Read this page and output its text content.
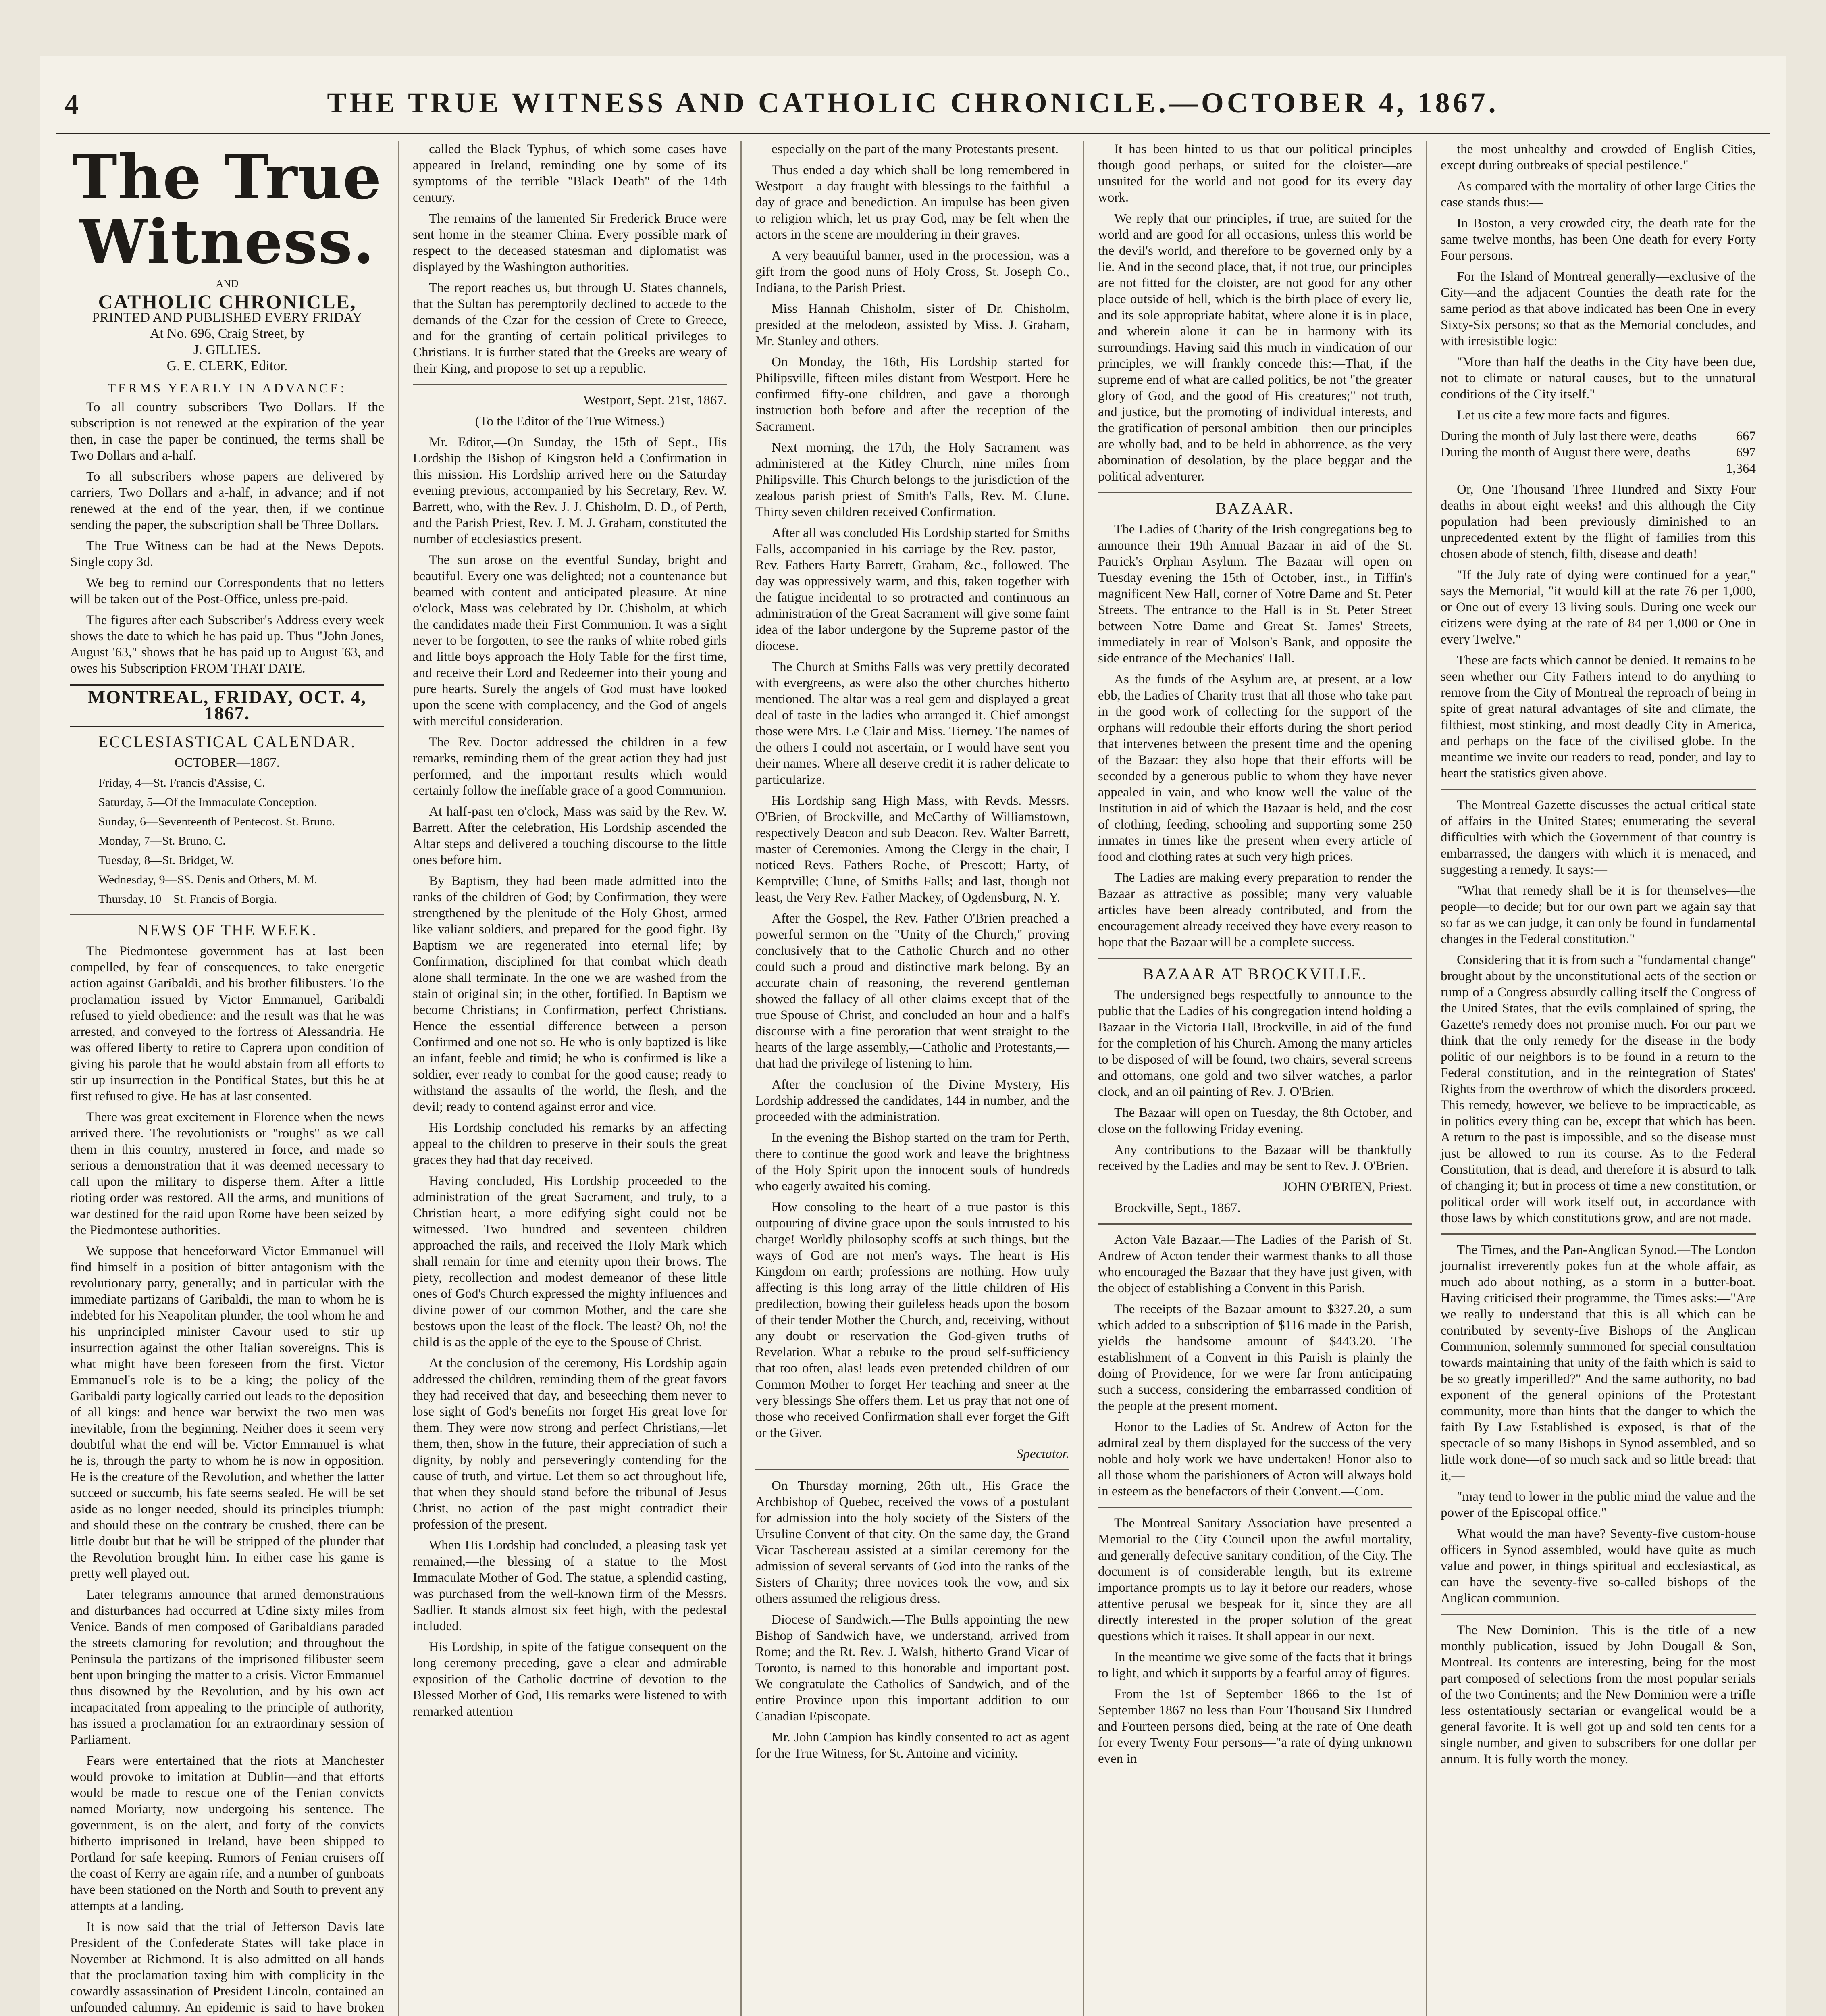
4	THE TRUE WITNESS AND CATHOLIC CHRONICLE.—OCTOBER 4, 1867.
The True Witness.
AND
CATHOLIC CHRONICLE,
PRINTED AND PUBLISHED EVERY FRIDAY
At No. 696, Craig Street, by
J. GILLIES.
G. E. CLERK, Editor.
TERMS YEARLY IN ADVANCE:

To all country subscribers Two Dollars. If the subscription is not renewed at the expiration of the year then, in case the paper be continued, the terms shall be Two Dollars and a-half.

To all subscribers whose papers are delivered by carriers, Two Dollars and a-half, in advance; and if not renewed at the end of the year, then, if we continue sending the paper, the subscription shall be Three Dollars.

The True Witness can be had at the News Depots. Single copy 3d.

We beg to remind our Correspondents that no letters will be taken out of the Post-Office, unless pre-paid.

The figures after each Subscriber's Address every week shows the date to which he has paid up. Thus "John Jones, August '63," shows that he has paid up to August '63, and owes his Subscription FROM THAT DATE.

MONTREAL, FRIDAY, OCT. 4, 1867.
ECCLESIASTICAL CALENDAR.

OCTOBER—1867.

Friday, 4—St. Francis d'Assise, C.

Saturday, 5—Of the Immaculate Conception.

Sunday, 6—Seventeenth of Pentecost. St. Bruno.

Monday, 7—St. Bruno, C.

Tuesday, 8—St. Bridget, W.

Wednesday, 9—SS. Denis and Others, M. M.

Thursday, 10—St. Francis of Borgia.

NEWS OF THE WEEK.

The Piedmontese government has at last been compelled, by fear of consequences, to take energetic action against Garibaldi, and his brother filibusters. To the proclamation issued by Victor Emmanuel, Garibaldi refused to yield obedience: and the result was that he was arrested, and conveyed to the fortress of Alessandria. He was offered liberty to retire to Caprera upon condition of giving his parole that he would abstain from all efforts to stir up insurrection in the Pontifical States, but this he at first refused to give. He has at last consented.

There was great excitement in Florence when the news arrived there. The revolutionists or "roughs" as we call them in this country, mustered in force, and made so serious a demonstration that it was deemed necessary to call upon the military to disperse them. After a little rioting order was restored. All the arms, and munitions of war destined for the raid upon Rome have been seized by the Piedmontese authorities.

We suppose that henceforward Victor Emmanuel will find himself in a position of bitter antagonism with the revolutionary party, generally; and in particular with the immediate partizans of Garibaldi, the man to whom he is indebted for his Neapolitan plunder, the tool whom he and his unprincipled minister Cavour used to stir up insurrection against the other Italian sovereigns. This is what might have been foreseen from the first. Victor Emmanuel's role is to be a king; the policy of the Garibaldi party logically carried out leads to the deposition of all kings: and hence war betwixt the two men was inevitable, from the beginning. Neither does it seem very doubtful what the end will be. Victor Emmanuel is what he is, through the party to whom he is now in opposition. He is the creature of the Revolution, and whether the latter succeed or succumb, his fate seems sealed. He will be set aside as no longer needed, should its principles triumph: and should these on the contrary be crushed, there can be little doubt but that he will be stripped of the plunder that the Revolution brought him. In either case his game is pretty well played out.

Later telegrams announce that armed demonstrations and disturbances had occurred at Udine sixty miles from Venice. Bands of men composed of Garibaldians paraded the streets clamoring for revolution; and throughout the Peninsula the partizans of the imprisoned filibuster seem bent upon bringing the matter to a crisis. Victor Emmanuel thus disowned by the Revolution, and by his own act incapacitated from appealing to the principle of authority, has issued a proclamation for an extraordinary session of Parliament.

Fears were entertained that the riots at Manchester would provoke to imitation at Dublin—and that efforts would be made to rescue one of the Fenian convicts named Moriarty, now undergoing his sentence. The government, is on the alert, and forty of the convicts hitherto imprisoned in Ireland, have been shipped to Portland for safe keeping. Rumors of Fenian cruisers off the coast of Kerry are again rife, and a number of gunboats have been stationed on the North and South to prevent any attempts at a landing.

It is now said that the trial of Jefferson Davis late President of the Confederate States will take place in November at Richmond. It is also admitted on all hands that the proclamation taxing him with complicity in the cowardly assassination of President Lincoln, contained an unfounded calumny. An epidemic is said to have broken

called the Black Typhus, of which some cases have appeared in Ireland, reminding one by some of its symptoms of the terrible "Black Death" of the 14th century.

The remains of the lamented Sir Frederick Bruce were sent home in the steamer China. Every possible mark of respect to the deceased statesman and diplomatist was displayed by the Washington authorities.

The report reaches us, but through U. States channels, that the Sultan has peremptorily declined to accede to the demands of the Czar for the cession of Crete to Greece, and for the granting of certain political privileges to Christians. It is further stated that the Greeks are weary of their King, and propose to set up a republic.

Westport, Sept. 21st, 1867.

(To the Editor of the True Witness.)

Mr. Editor,—On Sunday, the 15th of Sept., His Lordship the Bishop of Kingston held a Confirmation in this mission. His Lordship arrived here on the Saturday evening previous, accompanied by his Secretary, Rev. W. Barrett, who, with the Rev. J. J. Chisholm, D. D., of Perth, and the Parish Priest, Rev. J. M. J. Graham, constituted the number of ecclesiastics present.

The sun arose on the eventful Sunday, bright and beautiful. Every one was delighted; not a countenance but beamed with content and anticipated pleasure. At nine o'clock, Mass was celebrated by Dr. Chisholm, at which the candidates made their First Communion. It was a sight never to be forgotten, to see the ranks of white robed girls and little boys approach the Holy Table for the first time, and receive their Lord and Redeemer into their young and pure hearts. Surely the angels of God must have looked upon the scene with complacency, and the God of angels with merciful consideration.

The Rev. Doctor addressed the children in a few remarks, reminding them of the great action they had just performed, and the important results which would certainly follow the ineffable grace of a good Communion.

At half-past ten o'clock, Mass was said by the Rev. W. Barrett. After the celebration, His Lordship ascended the Altar steps and delivered a touching discourse to the little ones before him.

By Baptism, they had been made admitted into the ranks of the children of God; by Confirmation, they were strengthened by the plenitude of the Holy Ghost, armed like valiant soldiers, and prepared for the good fight. By Baptism we are regenerated into eternal life; by Confirmation, disciplined for that combat which death alone shall terminate. In the one we are washed from the stain of original sin; in the other, fortified. In Baptism we become Christians; in Confirmation, perfect Christians. Hence the essential difference between a person Confirmed and one not so. He who is only baptized is like an infant, feeble and timid; he who is confirmed is like a soldier, ever ready to combat for the good cause; ready to withstand the assaults of the world, the flesh, and the devil; ready to contend against error and vice.

His Lordship concluded his remarks by an affecting appeal to the children to preserve in their souls the great graces they had that day received.

Having concluded, His Lordship proceeded to the administration of the great Sacrament, and truly, to a Christian heart, a more edifying sight could not be witnessed. Two hundred and seventeen children approached the rails, and received the Holy Mark which shall remain for time and eternity upon their brows. The piety, recollection and modest demeanor of these little ones of God's Church expressed the mighty influences and divine power of our common Mother, and the care she bestows upon the least of the flock. The least? Oh, no! the child is as the apple of the eye to the Spouse of Christ.

At the conclusion of the ceremony, His Lordship again addressed the children, reminding them of the great favors they had received that day, and beseeching them never to lose sight of God's benefits nor forget His great love for them. They were now strong and perfect Christians,—let them, then, show in the future, their appreciation of such a dignity, by nobly and perseveringly contending for the cause of truth, and virtue. Let them so act throughout life, that when they should stand before the tribunal of Jesus Christ, no action of the past might contradict their profession of the present.

When His Lordship had concluded, a pleasing task yet remained,—the blessing of a statue to the Most Immaculate Mother of God. The statue, a splendid casting, was purchased from the well-known firm of the Messrs. Sadlier. It stands almost six feet high, with the pedestal included.

His Lordship, in spite of the fatigue consequent on the long ceremony preceding, gave a clear and admirable exposition of the Catholic doctrine of devotion to the Blessed Mother of God, His remarks were listened to with remarked attention

especially on the part of the many Protestants present.

Thus ended a day which shall be long remembered in Westport—a day fraught with blessings to the faithful—a day of grace and benediction. An impulse has been given to religion which, let us pray God, may be felt when the actors in the scene are mouldering in their graves.

A very beautiful banner, used in the procession, was a gift from the good nuns of Holy Cross, St. Joseph Co., Indiana, to the Parish Priest.

Miss Hannah Chisholm, sister of Dr. Chisholm, presided at the melodeon, assisted by Miss. J. Graham, Mr. Stanley and others.

On Monday, the 16th, His Lordship started for Philipsville, fifteen miles distant from Westport. Here he confirmed fifty-one children, and gave a thorough instruction both before and after the reception of the Sacrament.

Next morning, the 17th, the Holy Sacrament was administered at the Kitley Church, nine miles from Philipsville. This Church belongs to the jurisdiction of the zealous parish priest of Smith's Falls, Rev. M. Clune. Thirty seven children received Confirmation.

After all was concluded His Lordship started for Smiths Falls, accompanied in his carriage by the Rev. pastor,—Rev. Fathers Harty Barrett, Graham, &c., followed. The day was oppressively warm, and this, taken together with the fatigue incidental to so protracted and continuous an administration of the Great Sacrament will give some faint idea of the labor undergone by the Supreme pastor of the diocese.

The Church at Smiths Falls was very prettily decorated with evergreens, as were also the other churches hitherto mentioned. The altar was a real gem and displayed a great deal of taste in the ladies who arranged it. Chief amongst those were Mrs. Le Clair and Miss. Tierney. The names of the others I could not ascertain, or I would have sent you their names. Where all deserve credit it is rather delicate to particularize.

His Lordship sang High Mass, with Revds. Messrs. O'Brien, of Brockville, and McCarthy of Williamstown, respectively Deacon and sub Deacon. Rev. Walter Barrett, master of Ceremonies. Among the Clergy in the chair, I noticed Revs. Fathers Roche, of Prescott; Harty, of Kemptville; Clune, of Smiths Falls; and last, though not least, the Very Rev. Father Mackey, of Ogdensburg, N. Y.

After the Gospel, the Rev. Father O'Brien preached a powerful sermon on the "Unity of the Church," proving conclusively that to the Catholic Church and no other could such a proud and distinctive mark belong. By an accurate chain of reasoning, the reverend gentleman showed the fallacy of all other claims except that of the true Spouse of Christ, and concluded an hour and a half's discourse with a fine peroration that went straight to the hearts of the large assembly,—Catholic and Protestants,—that had the privilege of listening to him.

After the conclusion of the Divine Mystery, His Lordship addressed the candidates, 144 in number, and the proceeded with the administration.

In the evening the Bishop started on the tram for Perth, there to continue the good work and leave the brightness of the Holy Spirit upon the innocent souls of hundreds who eagerly awaited his coming.

How consoling to the heart of a true pastor is this outpouring of divine grace upon the souls intrusted to his charge! Worldly philosophy scoffs at such things, but the ways of God are not men's ways. The heart is His Kingdom on earth; professions are nothing. How truly affecting is this long array of the little children of His predilection, bowing their guileless heads upon the bosom of their tender Mother the Church, and, receiving, without any doubt or reservation the God-given truths of Revelation. What a rebuke to the proud self-sufficiency that too often, alas! leads even pretended children of our Common Mother to forget Her teaching and sneer at the very blessings She offers them. Let us pray that not one of those who received Confirmation shall ever forget the Gift or the Giver.

Spectator.

On Thursday morning, 26th ult., His Grace the Archbishop of Quebec, received the vows of a postulant for admission into the holy society of the Sisters of the Ursuline Convent of that city. On the same day, the Grand Vicar Taschereau assisted at a similar ceremony for the admission of several servants of God into the ranks of the Sisters of Charity; three novices took the vow, and six others assumed the religious dress.

Diocese of Sandwich.—The Bulls appointing the new Bishop of Sandwich have, we understand, arrived from Rome; and the Rt. Rev. J. Walsh, hitherto Grand Vicar of Toronto, is named to this honorable and important post. We congratulate the Catholics of Sandwich, and of the entire Province upon this important addition to our Canadian Episcopate.

Mr. John Campion has kindly consented to act as agent for the True Witness, for St. Antoine and vicinity.

It has been hinted to us that our political principles though good perhaps, or suited for the cloister—are unsuited for the world and not good for its every day work.

We reply that our principles, if true, are suited for the world and are good for all occasions, unless this world be the devil's world, and therefore to be governed only by a lie. And in the second place, that, if not true, our principles are not fitted for the cloister, are not good for any other place outside of hell, which is the birth place of every lie, and its sole appropriate habitat, where alone it is in place, and wherein alone it can be in harmony with its surroundings. Having said this much in vindication of our principles, we will frankly concede this:—That, if the supreme end of what are called politics, be not "the greater glory of God, and the good of His creatures;" not truth, and justice, but the promoting of individual interests, and the gratification of personal ambition—then our principles are wholly bad, and to be held in abhorrence, as the very abomination of desolation, by the place beggar and the political adventurer.

BAZAAR.

The Ladies of Charity of the Irish congregations beg to announce their 19th Annual Bazaar in aid of the St. Patrick's Orphan Asylum. The Bazaar will open on Tuesday evening the 15th of October, inst., in Tiffin's magnificent New Hall, corner of Notre Dame and St. Peter Streets. The entrance to the Hall is in St. Peter Street between Notre Dame and Great St. James' Streets, immediately in rear of Molson's Bank, and opposite the side entrance of the Mechanics' Hall.

As the funds of the Asylum are, at present, at a low ebb, the Ladies of Charity trust that all those who take part in the good work of collecting for the support of the orphans will redouble their efforts during the short period that intervenes between the present time and the opening of the Bazaar: they also hope that their efforts will be seconded by a generous public to whom they have never appealed in vain, and who know well the value of the Institution in aid of which the Bazaar is held, and the cost of clothing, feeding, schooling and supporting some 250 inmates in times like the present when every article of food and clothing rates at such very high prices.

The Ladies are making every preparation to render the Bazaar as attractive as possible; many very valuable articles have been already contributed, and from the encouragement already received they have every reason to hope that the Bazaar will be a complete success.

BAZAAR AT BROCKVILLE.

The undersigned begs respectfully to announce to the public that the Ladies of his congregation intend holding a Bazaar in the Victoria Hall, Brockville, in aid of the fund for the completion of his Church. Among the many articles to be disposed of will be found, two chairs, several screens and ottomans, one gold and two silver watches, a parlor clock, and an oil painting of Rev. J. O'Brien.

The Bazaar will open on Tuesday, the 8th October, and close on the following Friday evening.

Any contributions to the Bazaar will be thankfully received by the Ladies and may be sent to Rev. J. O'Brien.

JOHN O'BRIEN, Priest.

Brockville, Sept., 1867.

Acton Vale Bazaar.—The Ladies of the Parish of St. Andrew of Acton tender their warmest thanks to all those who encouraged the Bazaar that they have just given, with the object of establishing a Convent in this Parish.

The receipts of the Bazaar amount to $327.20, a sum which added to a subscription of $116 made in the Parish, yields the handsome amount of $443.20. The establishment of a Convent in this Parish is plainly the doing of Providence, for we were far from anticipating such a success, considering the embarrassed condition of the people at the present moment.

Honor to the Ladies of St. Andrew of Acton for the admiral zeal by them displayed for the success of the very noble and holy work we have undertaken! Honor also to all those whom the parishioners of Acton will always hold in esteem as the benefactors of their Convent.—Com.

The Montreal Sanitary Association have presented a Memorial to the City Council upon the awful mortality, and generally defective sanitary condition, of the City. The document is of considerable length, but its extreme importance prompts us to lay it before our readers, whose attentive perusal we bespeak for it, since they are all directly interested in the proper solution of the great questions which it raises. It shall appear in our next.

In the meantime we give some of the facts that it brings to light, and which it supports by a fearful array of figures.

From the 1st of September 1866 to the 1st of September 1867 no less than Four Thousand Six Hundred and Fourteen persons died, being at the rate of One death for every Twenty Four persons—"a rate of dying unknown even in

the most unhealthy and crowded of English Cities, except during outbreaks of special pestilence."

As compared with the mortality of other large Cities the case stands thus:—

In Boston, a very crowded city, the death rate for the same twelve months, has been One death for every Forty Four persons.

For the Island of Montreal generally—exclusive of the City—and the adjacent Counties the death rate for the same period as that above indicated has been One in every Sixty-Six persons; so that as the Memorial concludes, and with irresistible logic:—

"More than half the deaths in the City have been due, not to climate or natural causes, but to the unnatural conditions of the City itself."

Let us cite a few more facts and figures.

During the month of July last there were, deaths	667
During the month of August there were, deaths	697

1,364

Or, One Thousand Three Hundred and Sixty Four deaths in about eight weeks! and this although the City population had been previously diminished to an unprecedented extent by the flight of families from this chosen abode of stench, filth, disease and death!

"If the July rate of dying were continued for a year," says the Memorial, "it would kill at the rate 76 per 1,000, or One out of every 13 living souls. During one week our citizens were dying at the rate of 84 per 1,000 or One in every Twelve."

These are facts which cannot be denied. It remains to be seen whether our City Fathers intend to do anything to remove from the City of Montreal the reproach of being in spite of great natural advantages of site and climate, the filthiest, most stinking, and most deadly City in America, and perhaps on the face of the civilised globe. In the meantime we invite our readers to read, ponder, and lay to heart the statistics given above.

The Montreal Gazette discusses the actual critical state of affairs in the United States; enumerating the several difficulties with which the Government of that country is embarrassed, the dangers with which it is menaced, and suggesting a remedy. It says:—

"What that remedy shall be it is for themselves—the people—to decide; but for our own part we again say that so far as we can judge, it can only be found in fundamental changes in the Federal constitution."

Considering that it is from such a "fundamental change" brought about by the unconstitutional acts of the section or rump of a Congress absurdly calling itself the Congress of the United States, that the evils complained of spring, the Gazette's remedy does not promise much. For our part we think that the only remedy for the disease in the body politic of our neighbors is to be found in a return to the Federal constitution, and in the reintegration of States' Rights from the overthrow of which the disorders proceed. This remedy, however, we believe to be impracticable, as in politics every thing can be, except that which has been. A return to the past is impossible, and so the disease must just be allowed to run its course. As to the Federal Constitution, that is dead, and therefore it is absurd to talk of changing it; but in process of time a new constitution, or political order will work itself out, in accordance with those laws by which constitutions grow, and are not made.

The Times, and the Pan-Anglican Synod.—The London journalist irreverently pokes fun at the whole affair, as much ado about nothing, as a storm in a butter-boat. Having criticised their programme, the Times asks:—"Are we really to understand that this is all which can be contributed by seventy-five Bishops of the Anglican Communion, solemnly summoned for special consultation towards maintaining that unity of the faith which is said to be so greatly imperilled?" And the same authority, no bad exponent of the general opinions of the Protestant community, more than hints that the danger to which the faith By Law Established is exposed, is that of the spectacle of so many Bishops in Synod assembled, and so little work done—of so much sack and so little bread: that it,—

"may tend to lower in the public mind the value and the power of the Episcopal office."

What would the man have? Seventy-five custom-house officers in Synod assembled, would have quite as much value and power, in things spiritual and ecclesiastical, as can have the seventy-five so-called bishops of the Anglican communion.

The New Dominion.—This is the title of a new monthly publication, issued by John Dougall & Son, Montreal. Its contents are interesting, being for the most part composed of selections from the most popular serials of the two Continents; and the New Dominion were a trifle less ostentatiously sectarian or evangelical would be a general favorite. It is well got up and sold ten cents for a single number, and given to subscribers for one dollar per annum. It is fully worth the money.
